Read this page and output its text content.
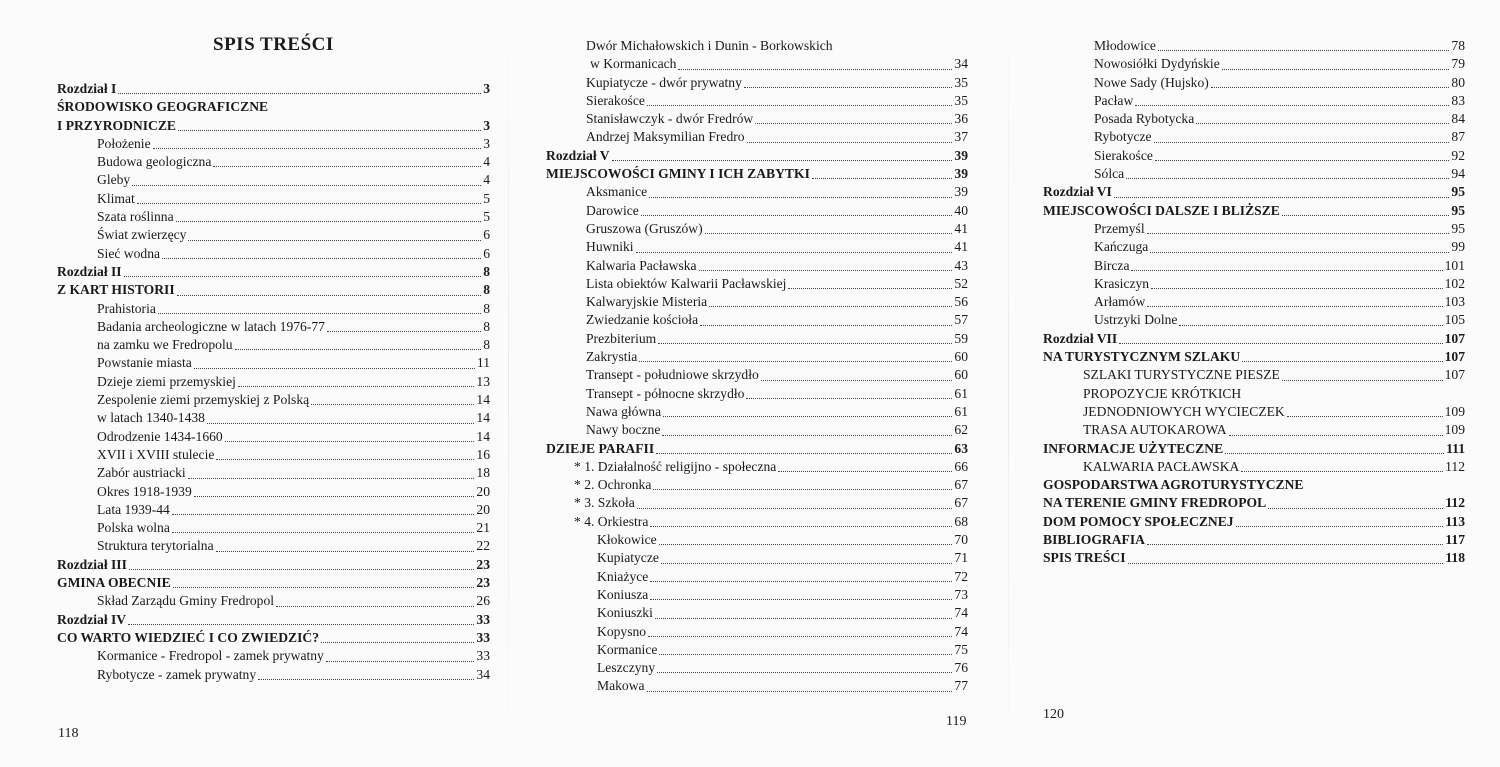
SPIS TREŚCI
Rozdział I	3
ŚRODOWISKO GEOGRAFICZNE
I PRZYRODNICZE	3
Położenie	3
Budowa geologiczna	4
Gleby	4
Klimat	5
Szata roślinna	5
Świat zwierzęcy	6
Sieć wodna	6
Rozdział II	8
Z KART HISTORII	8
Prahistoria	8
Badania archeologiczne w latach 1976-77	8
na zamku we Fredropolu	8
Powstanie miasta	11
Dzieje ziemi przemyskiej	13
Zespolenie ziemi przemyskiej z Polską	14
w latach 1340-1438	14
Odrodzenie 1434-1660	14
XVII i XVIII stulecie	16
Zabór austriacki	18
Okres 1918-1939	20
Lata 1939-44	20
Polska wolna	21
Struktura terytorialna	22
Rozdział III	23
GMINA OBECNIE	23
Skład Zarządu Gminy Fredropol	26
Rozdział IV	33
CO WARTO WIEDZIEĆ I CO ZWIEDZIĆ?	33
Kormanice - Fredropol - zamek prywatny	33
Rybotycze - zamek prywatny	34
118
Dwór Michałowskich i Dunin - Borkowskich
w Kormanicach	34
Kupiatycze - dwór prywatny	35
Sierakośce	35
Stanisławczyk - dwór Fredrów	36
Andrzej Maksymilian Fredro	37
Rozdział V	39
MIEJSCOWOŚCI GMINY I ICH ZABYTKI	39
Aksmanice	39
Darowice	40
Gruszowa (Gruszów)	41
Huwniki	41
Kalwaria Pacławska	43
Lista obiektów Kalwarii Pacławskiej	52
Kalwaryjskie Misteria	56
Zwiedzanie kościoła	57
Prezbiterium	59
Zakrystia	60
Transept - południowe skrzydło	60
Transept - północne skrzydło	61
Nawa główna	61
Nawy boczne	62
DZIEJE PARAFII	63
* 1. Działalność religijno - społeczna	66
* 2. Ochronka	67
* 3. Szkoła	67
* 4. Orkiestra	68
Kłokowice	70
Kupiatycze	71
Kniażyce	72
Koniusza	73
Koniuszki	74
Kopysno	74
Kormanice	75
Leszczyny	76
Makowa	77
119
Młodowice	78
Nowosiółki Dydyńskie	79
Nowe Sady (Hujsko)	80
Pacław	83
Posada Rybotycka	84
Rybotycze	87
Sierakośce	92
Sólca	94
Rozdział VI	95
MIEJSCOWOŚCI DALSZE I BLIŻSZE	95
Przemyśl	95
Kańczuga	99
Bircza	101
Krasiczyn	102
Arłamów	103
Ustrzyki Dolne	105
Rozdział VII	107
NA TURYSTYCZNYM SZLAKU	107
SZLAKI TURYSTYCZNE PIESZE	107
PROPOZYCJE KRÓTKICH
JEDNODNIOWYCH WYCIECZEK	109
TRASA AUTOKAROWA	109
INFORMACJE UŻYTECZNE	111
KALWARIA PACŁAWSKA	112
GOSPODARSTWA AGROTURYSTYCZNE
NA TERENIE GMINY FREDROPOL	112
DOM POMOCY SPOŁECZNEJ	113
BIBLIOGRAFIA	117
SPIS TREŚCI	118
120
